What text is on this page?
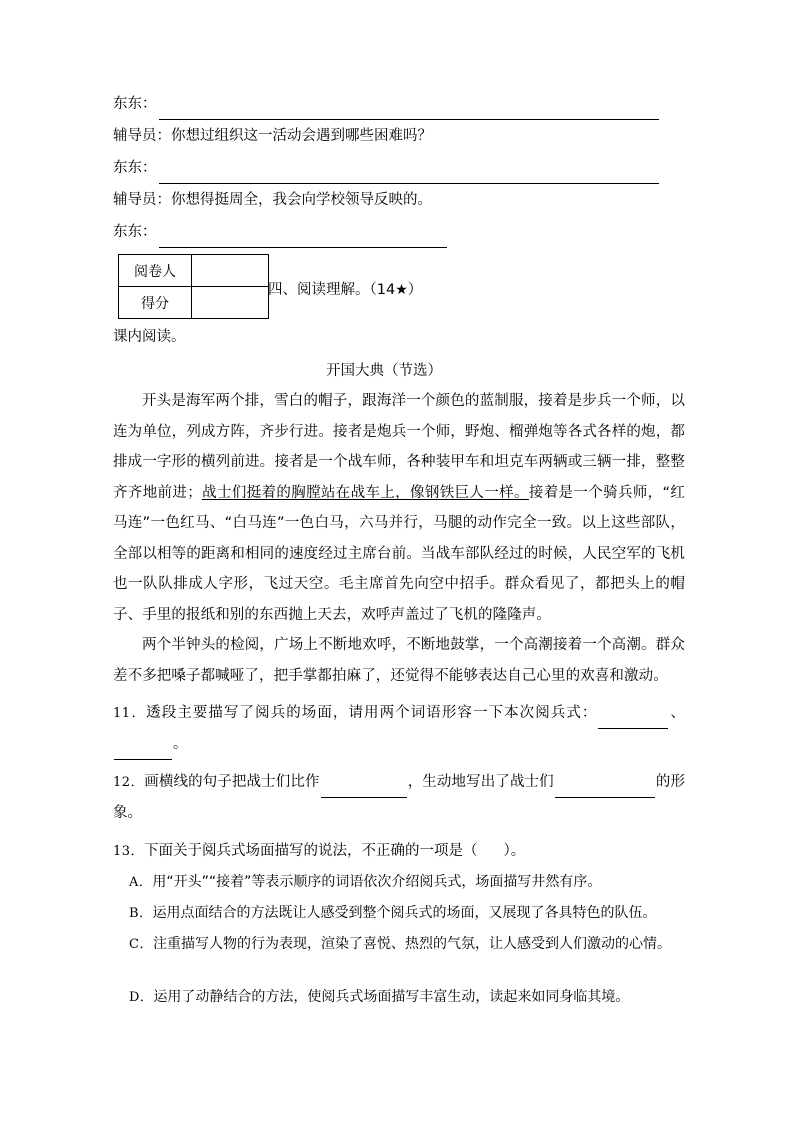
东东：
辅导员： 你想过组织这一活动会遇到哪些困难吗？
东东：
辅导员： 你想得挺周全，我会向学校领导反映的。
东东：
阅卷人	
得分	
四、阅读理解。（14★）
课内阅读。
开国大典（节选）

开头是海军两个排，雪白的帽子，跟海洋一个颜色的蓝制服，接着是步兵一个师，以连为单位，列成方阵，齐步行进。接者是炮兵一个师，野炮、榴弹炮等各式各样的炮，都排成一字形的横列前进。接者是一个战车师，各种装甲车和坦克车两辆或三辆一排，整整齐齐地前进；战士们挺着的胸膛站在战车上，像钢铁巨人一样。接着是一个骑兵师，“红马连”一色红马、“白马连”一色白马，六马并行，马腿的动作完全一致。以上这些部队，全部以相等的距离和相同的速度经过主席台前。当战车部队经过的时候，人民空军的飞机也一队队排成人字形，飞过天空。毛主席首先向空中招手。群众看见了，都把头上的帽子、手里的报纸和别的东西抛上天去，欢呼声盖过了飞机的隆隆声。

两个半钟头的检阅，广场上不断地欢呼，不断地鼓掌，一个高潮接着一个高潮。群众差不多把嗓子都喊哑了，把手掌都拍麻了，还觉得不能够表达自己心里的欢喜和激动。

11．透段主要描写了阅兵的场面，请用两个词语形容一下本次阅兵式：	、。
12．画横线的句子把战士们比作	，生动地写出了战士们	的形象。
13．下面关于阅兵式场面描写的说法，不正确的一项是（ ）。
A．用“开头”“接着”等表示顺序的词语依次介绍阅兵式，场面描写井然有序。
B．运用点面结合的方法既让人感受到整个阅兵式的场面，又展现了各具特色的队伍。
C．注重描写人物的行为表现，渲染了喜悦、热烈的气氛，让人感受到人们激动的心情。
D．运用了动静结合的方法，使阅兵式场面描写丰富生动，读起来如同身临其境。
